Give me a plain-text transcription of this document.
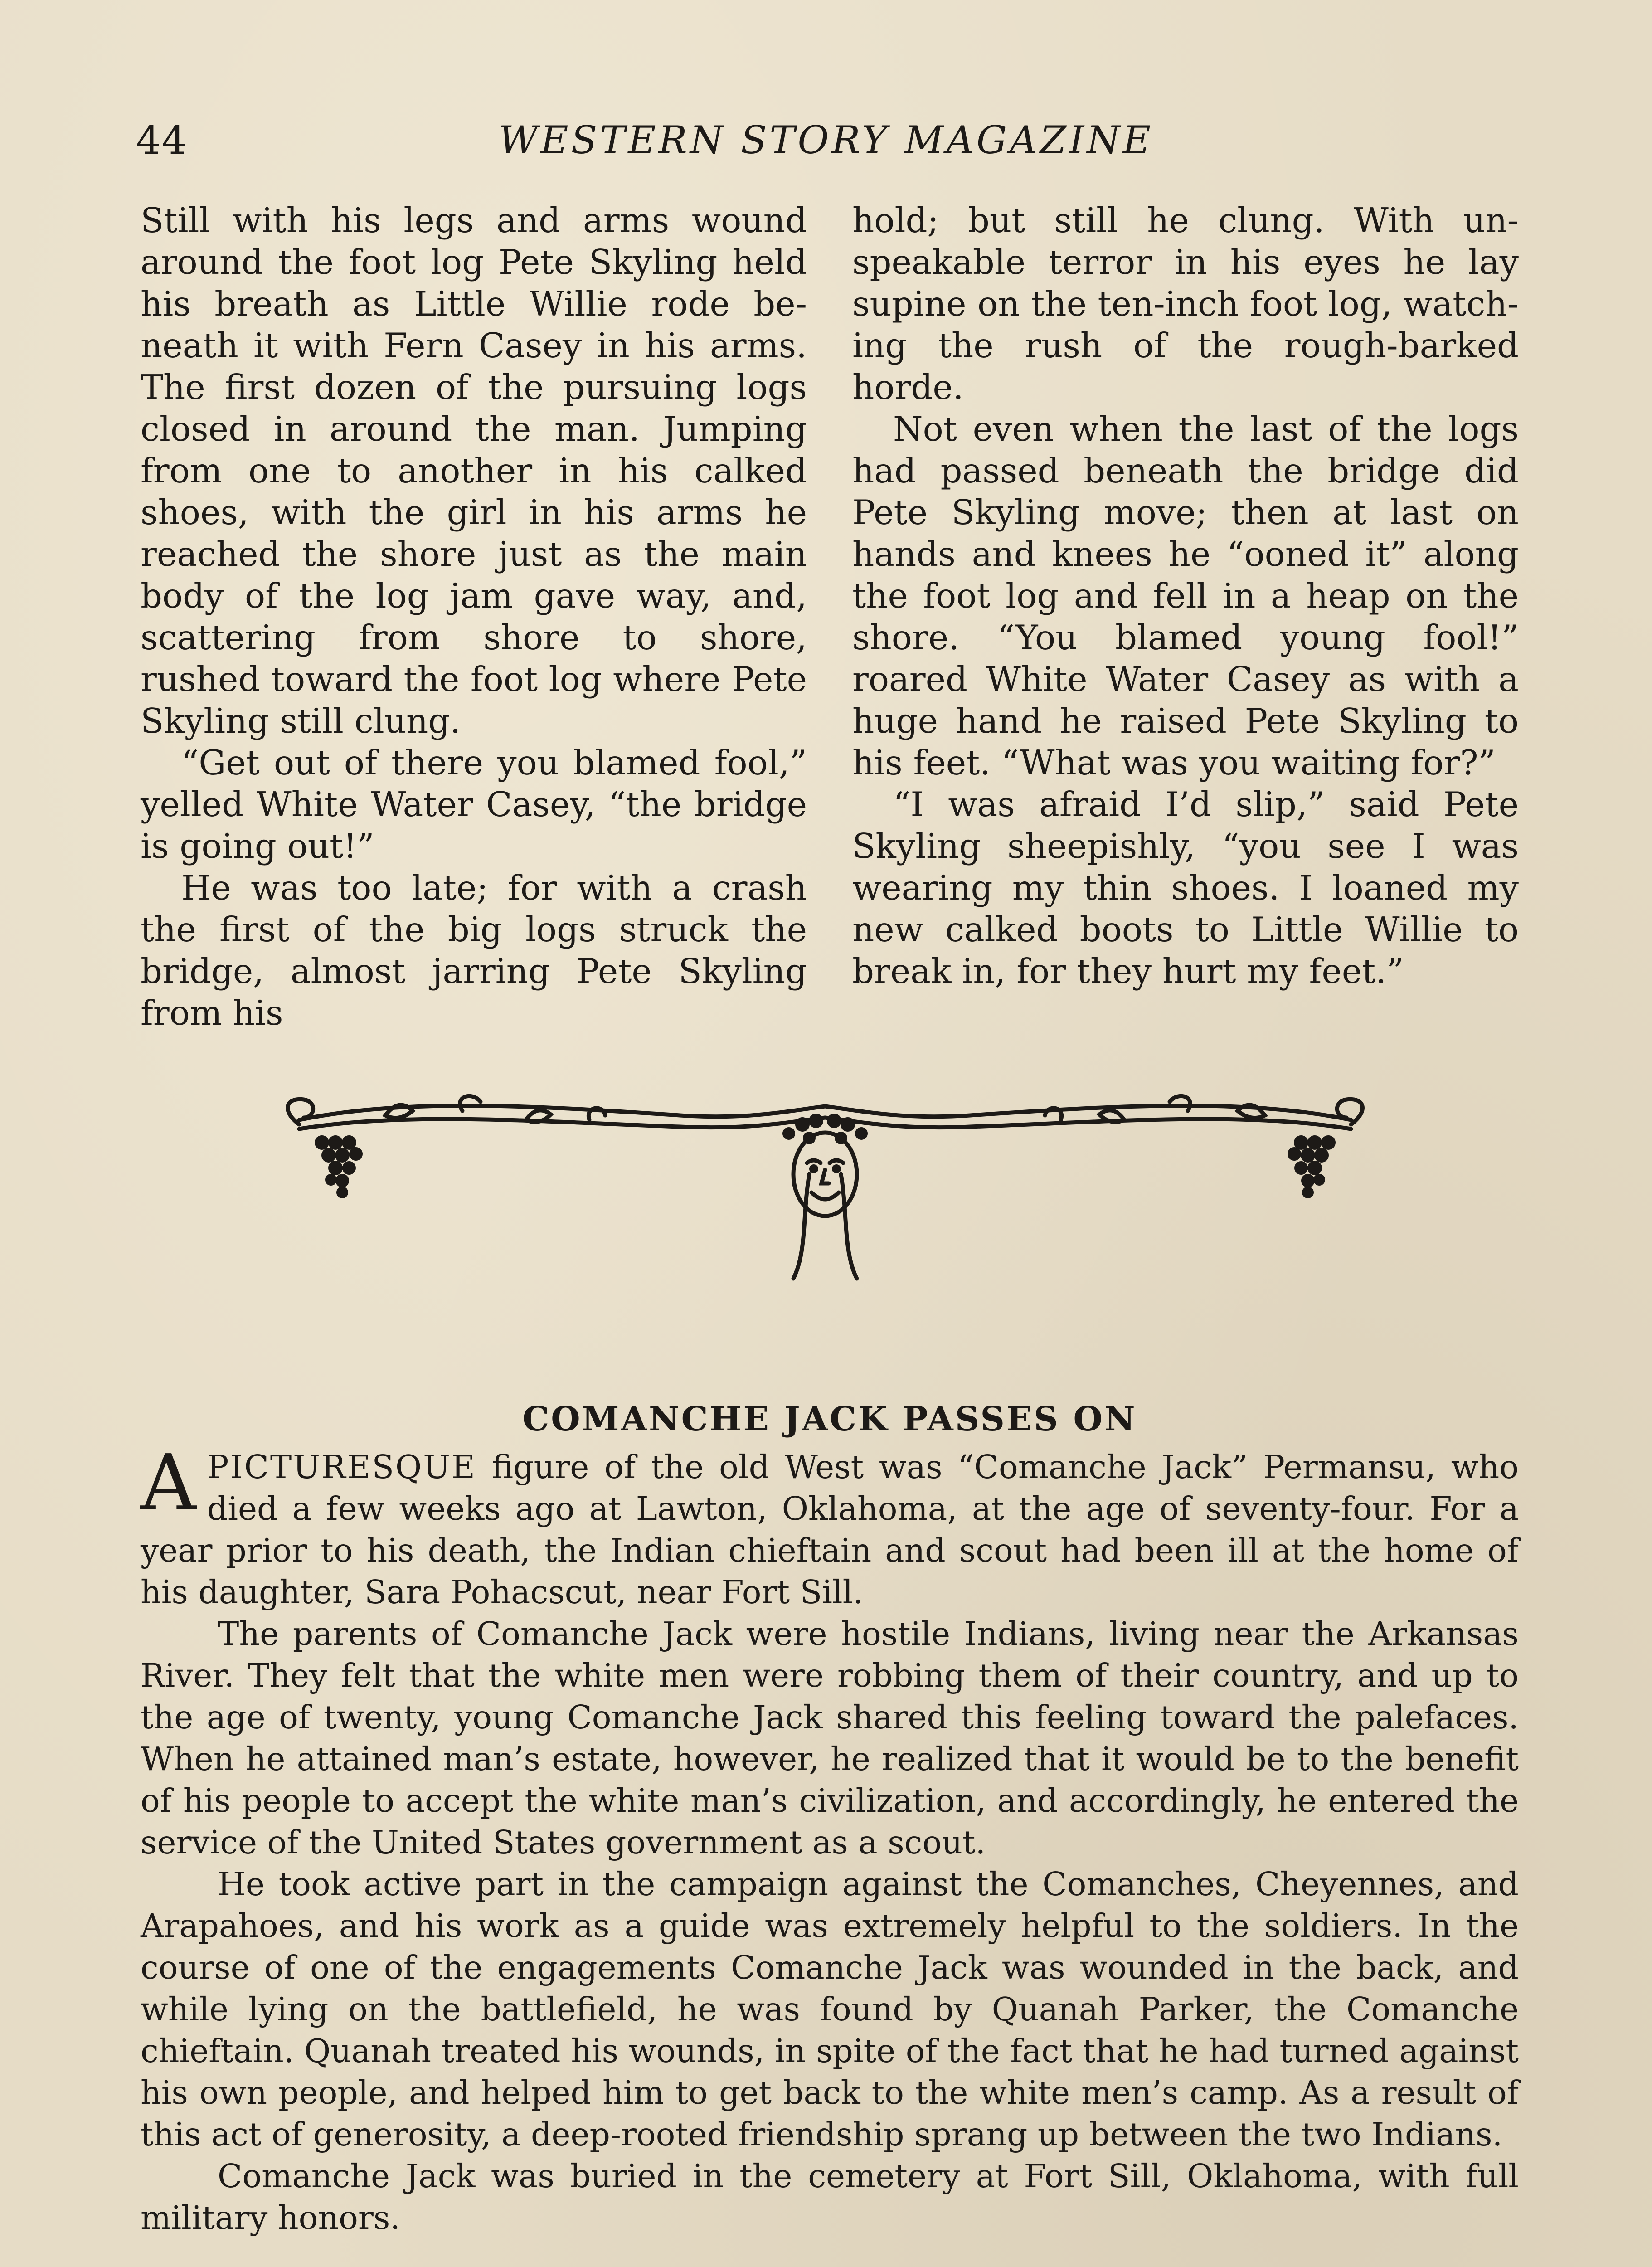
44	WESTERN STORY MAGAZINE

Still with his legs and arms wound around the foot log Pete Skyling held his breath as Little Willie rode beneath it with Fern Casey in his arms. The first dozen of the pursuing logs closed in around the man. Jumping from one to another in his calked shoes, with the girl in his arms he reached the shore just as the main body of the log jam gave way, and, scattering from shore to shore, rushed toward the foot log where Pete Skyling still clung.

“Get out of there you blamed fool,” yelled White Water Casey, “the bridge is going out!”

He was too late; for with a crash the first of the big logs struck the bridge, almost jarring Pete Skyling from his

hold; but still he clung. With unspeakable terror in his eyes he lay supine on the ten-inch foot log, watching the rush of the rough-barked horde.

Not even when the last of the logs had passed beneath the bridge did Pete Skyling move; then at last on hands and knees he “ooned it” along the foot log and fell in a heap on the shore. “You blamed young fool!” roared White Water Casey as with a huge hand he raised Pete Skyling to his feet. “What was you waiting for?”

“I was afraid I’d slip,” said Pete Skyling sheepishly, “you see I was wearing my thin shoes. I loaned my new calked boots to Little Willie to break in, for they hurt my feet.”

COMANCHE JACK PASSES ON

APICTURESQUE figure of the old West was “Comanche Jack” Permansu, who died a few weeks ago at Lawton, Oklahoma, at the age of seventy-four. For a year prior to his death, the Indian chieftain and scout had been ill at the home of his daughter, Sara Pohacscut, near Fort Sill.

The parents of Comanche Jack were hostile Indians, living near the Arkansas River. They felt that the white men were robbing them of their country, and up to the age of twenty, young Comanche Jack shared this feeling toward the palefaces. When he attained man’s estate, however, he realized that it would be to the benefit of his people to accept the white man’s civilization, and accordingly, he entered the service of the United States government as a scout.

He took active part in the campaign against the Comanches, Cheyennes, and Arapahoes, and his work as a guide was extremely helpful to the soldiers. In the course of one of the engagements Comanche Jack was wounded in the back, and while lying on the battlefield, he was found by Quanah Parker, the Comanche chieftain. Quanah treated his wounds, in spite of the fact that he had turned against his own people, and helped him to get back to the white men’s camp. As a result of this act of generosity, a deep-rooted friendship sprang up between the two Indians.

Comanche Jack was buried in the cemetery at Fort Sill, Oklahoma, with full military honors.
